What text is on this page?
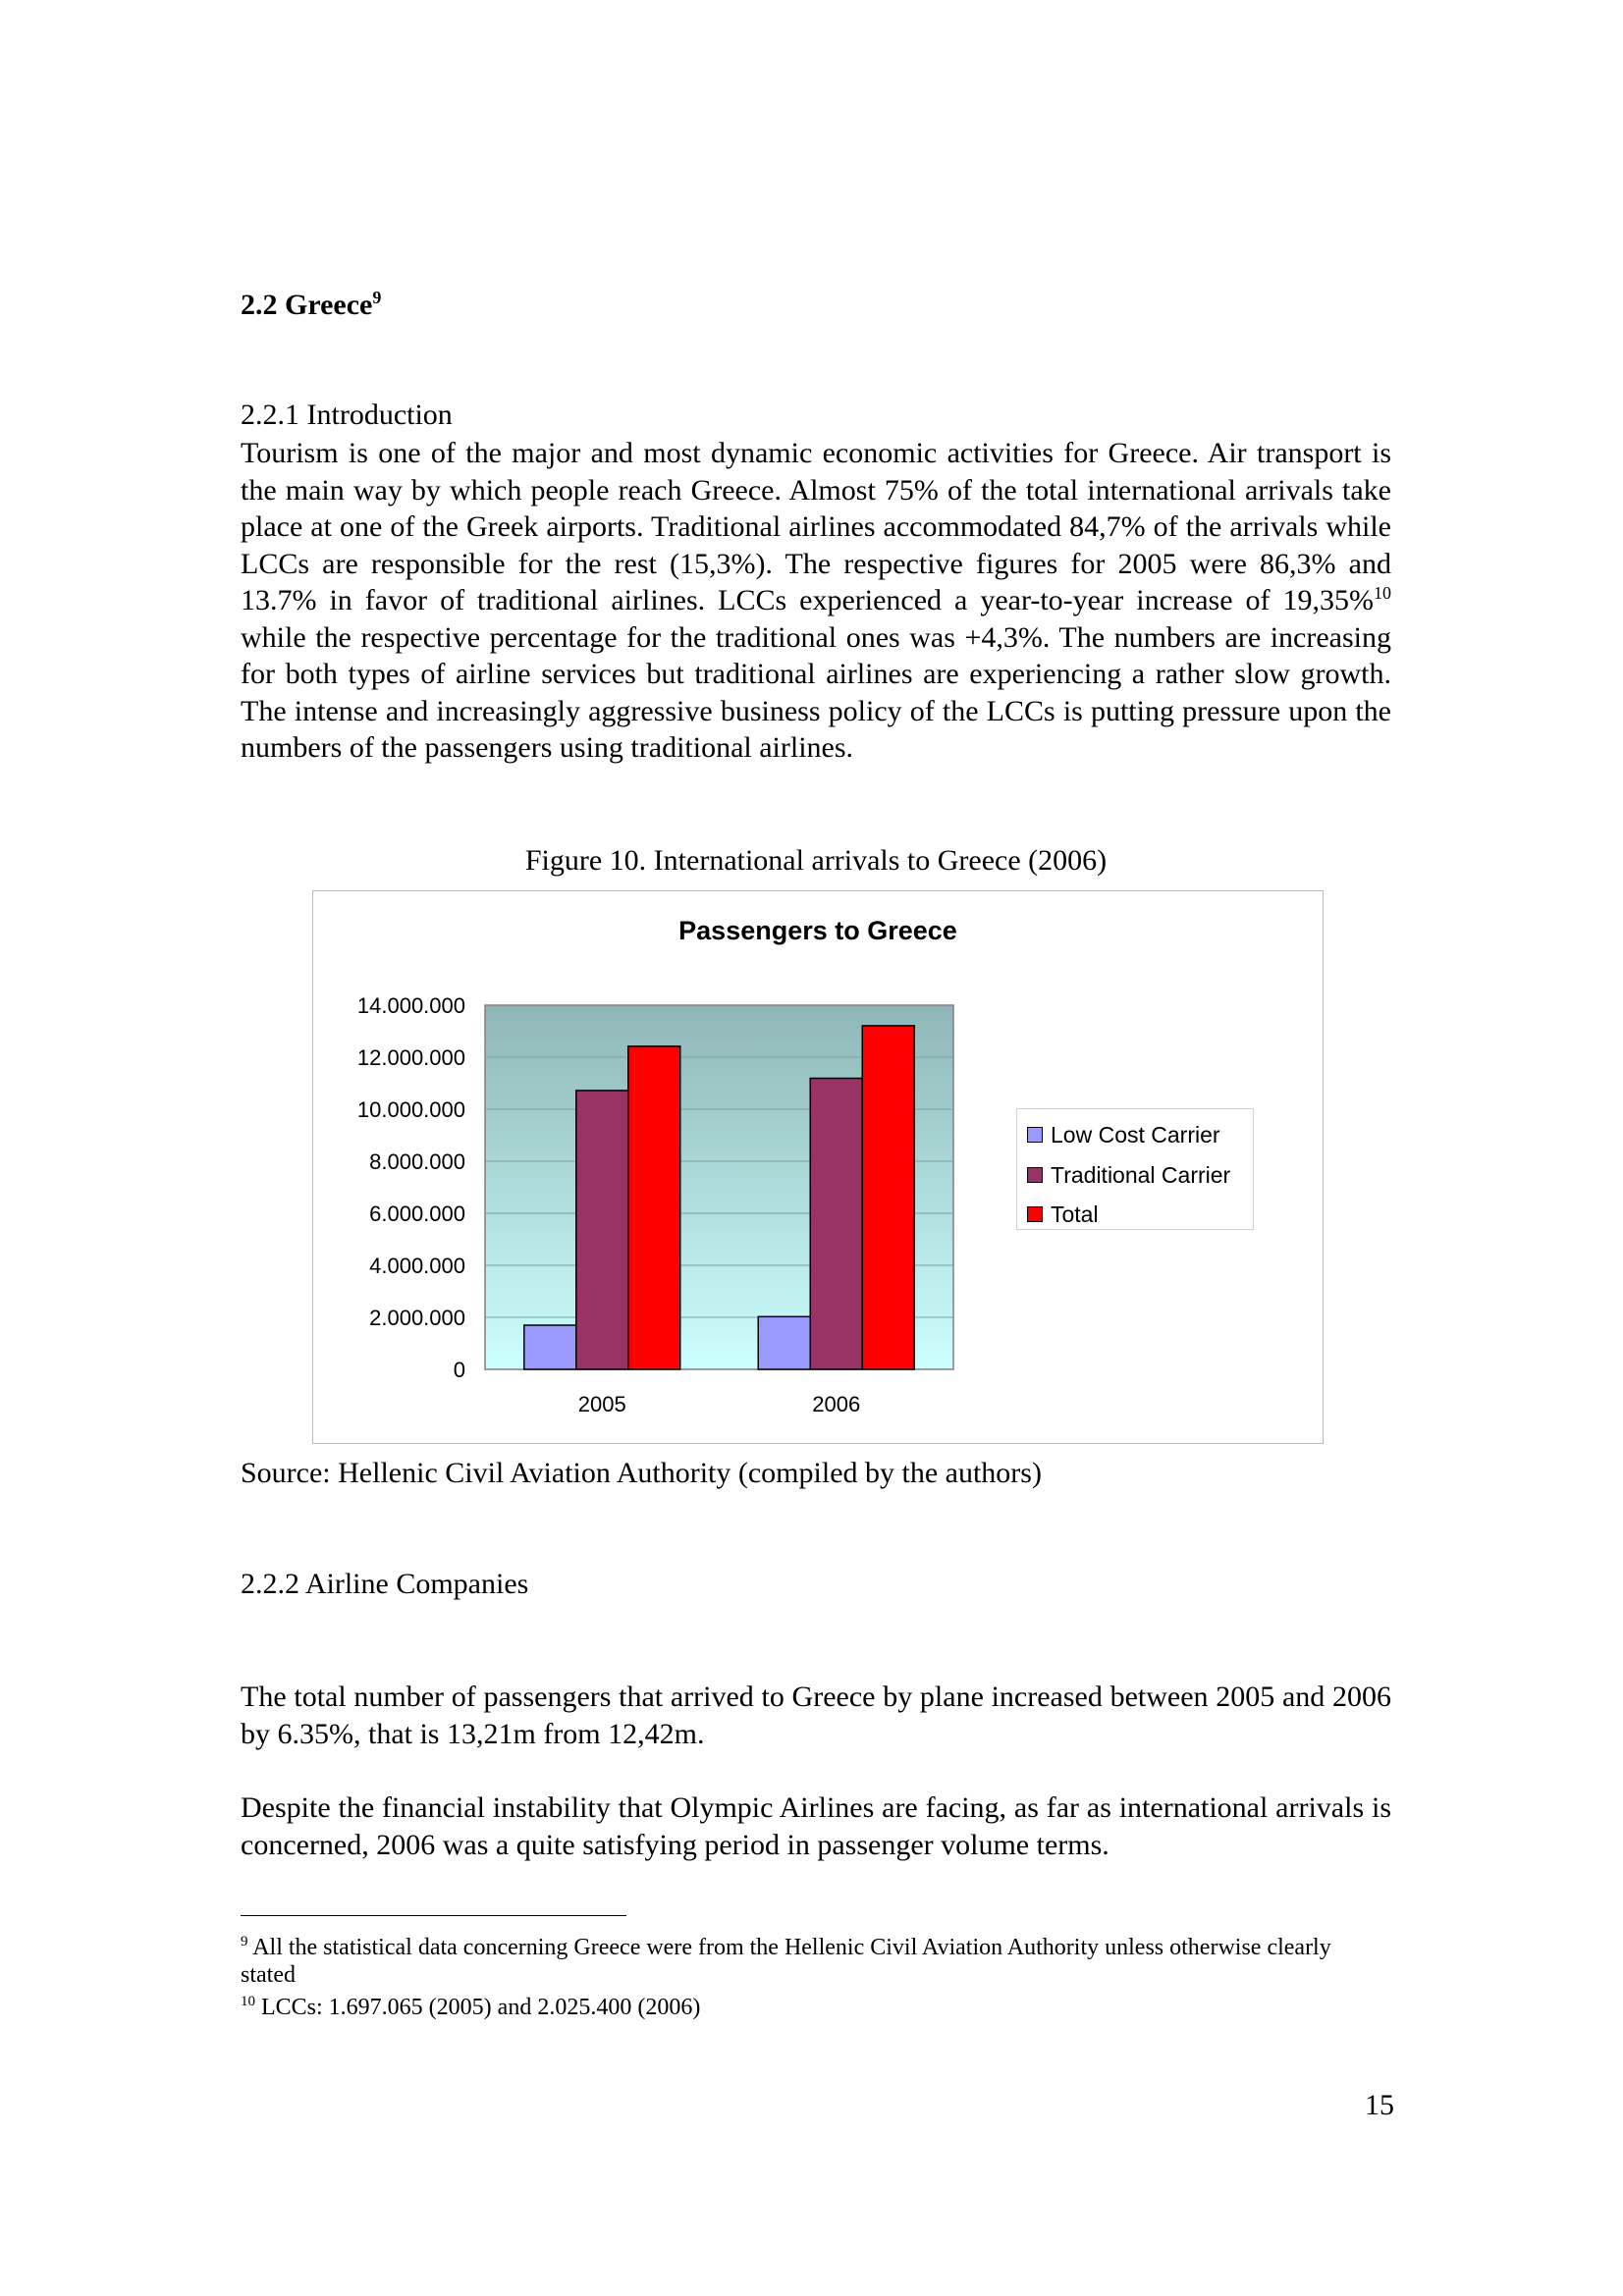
2.2 Greece$^9$
2.2.1 Introduction

Tourism is one of the major and most dynamic economic activities for Greece. Air transport is the main way by which people reach Greece. Almost 75% of the total international arrivals take place at one of the Greek airports. Traditional airlines accommodated 84,7% of the arrivals while LCCs are responsible for the rest (15,3%). The respective figures for 2005 were 86,3% and 13.7% in favor of traditional airlines. LCCs experienced a year-to-year increase of 19,35%$^{10}$ while the respective percentage for the traditional ones was +4,3%. The numbers are increasing for both types of airline services but traditional airlines are experiencing a rather slow growth. The intense and increasingly aggressive business policy of the LCCs is putting pressure upon the numbers of the passengers using traditional airlines.

Figure 10. International arrivals to Greece (2006)
Passengers to Greece
0
2.000.000
4.000.000
6.000.000
8.000.000
10.000.000
12.000.000
14.000.000
2005	2006
Low Cost Carrier
Traditional Carrier
Total
Source: Hellenic Civil Aviation Authority (compiled by the authors)
2.2.2 Airline Companies

The total number of passengers that arrived to Greece by plane increased between 2005 and 2006 by 6.35%, that is 13,21m from 12,42m.

Despite the financial instability that Olympic Airlines are facing, as far as international arrivals is concerned, 2006 was a quite satisfying period in passenger volume terms.

$^9$ All the statistical data concerning Greece were from the Hellenic Civil Aviation Authority unless otherwise clearly stated
$^{10}$ LCCs: 1.697.065 (2005) and 2.025.400 (2006)
15
